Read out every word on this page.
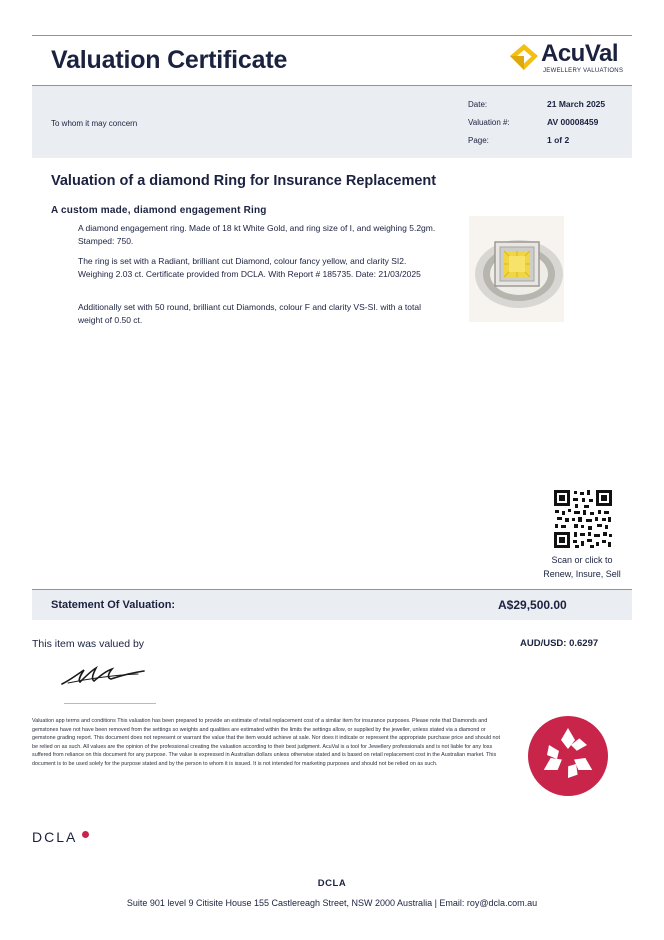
Valuation Certificate	AcuVal
JEWELLERY VALUATIONS
To whom it may concern
Date:	21 March 2025
Valuation #:	AV 00008459
Page:	1 of 2
Valuation of a diamond Ring for Insurance Replacement
A custom made, diamond engagement Ring
A diamond engagement ring. Made of 18 kt White Gold, and ring size of I, and weighing 5.2gm. Stamped: 750.
The ring is set with a Radiant, brilliant cut Diamond, colour fancy yellow, and clarity SI2. Weighing 2.03 ct. Certificate provided from DCLA. With Report # 185735. Date: 21/03/2025
Additionally set with 50 round, brilliant cut Diamonds, colour F and clarity VS-SI. with a total weight of 0.50 ct.
Scan or click to
Renew, Insure, Sell
Statement Of Valuation:	A$29,500.00
This item was valued by	AUD/USD: 0.6297
Valuation app terms and conditions This valuation has been prepared to provide an estimate of retail replacement cost of a similar item for insurance purposes. Please note that Diamonds and gemstones have not have been removed from the settings so weights and qualities are estimated within the limits the settings allow, or supplied by the jeweller, unless stated via a diamond or gemstone grading report. This document does not represent or warrant the value that the item would achieve at sale. Nor does it indicate or represent the appropriate purchase price and should not be relied on as such. All values are the opinion of the professional creating the valuation according to their best judgment. AcuVal is a tool for Jewellery professionals and is not liable for any loss suffered from reliance on this document for any purpose. The value is expressed in Australian dollars unless otherwise stated and is based on retail replacement cost in the Australian market. This document is to be used solely for the purpose stated and by the person to whom it is issued. It is not intended for marketing purposes and should not be relied on as such.
DCLA
DCLA
Suite 901 level 9 Citisite House 155 Castlereagh Street, NSW 2000 Australia | Email: roy@dcla.com.au
